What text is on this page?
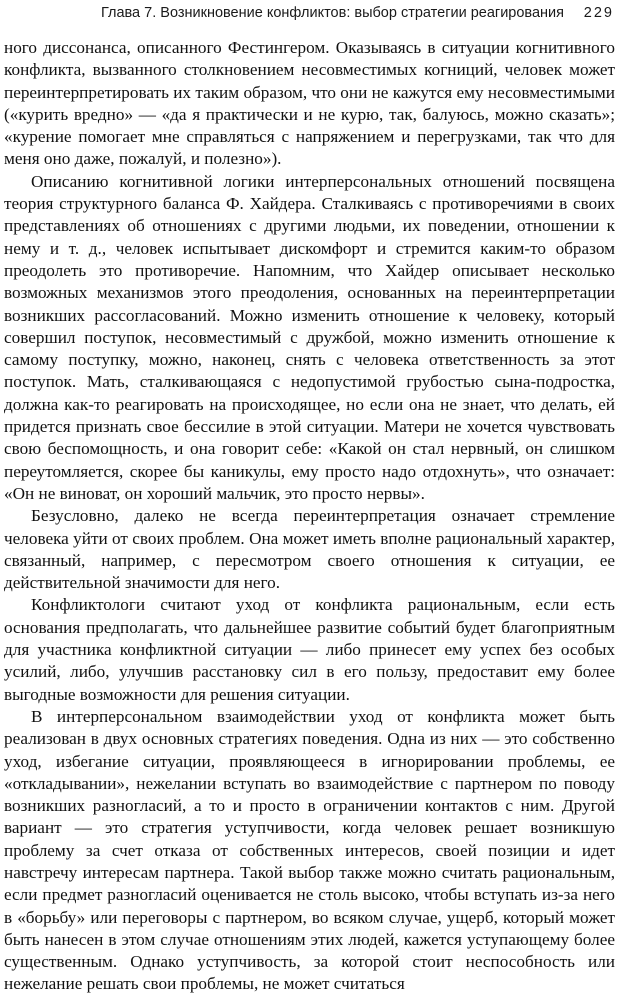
Глава 7. Возникновение конфликтов: выбор стратегии реагирования 229

ного диссонанса, описанного Фестингером. Оказываясь в ситуации когнитивного конфликта, вызванного столкновением несовместимых когниций, человек может переинтерпретировать их таким образом, что они не кажутся ему несовместимыми («курить вредно» — «да я практически и не курю, так, балуюсь, можно сказать»; «курение помогает мне справляться с напряжением и перегрузками, так что для меня оно даже, пожалуй, и полезно»).

Описанию когнитивной логики интерперсональных отношений посвящена теория структурного баланса Ф. Хайдера. Сталкиваясь с противоречиями в своих представлениях об отношениях с другими людьми, их поведении, отношении к нему и т. д., человек испытывает дискомфорт и стремится каким-то образом преодолеть это противоречие. Напомним, что Хайдер описывает несколько возможных механизмов этого преодоления, основанных на переинтерпретации возникших рассогласований. Можно изменить отношение к человеку, который совершил поступок, несовместимый с дружбой, можно изменить отношение к самому поступку, можно, наконец, снять с человека ответственность за этот поступок. Мать, сталкивающаяся с недопустимой грубостью сына-подростка, должна как-то реагировать на происходящее, но если она не знает, что делать, ей придется признать свое бессилие в этой ситуации. Матери не хочется чувствовать свою беспомощность, и она говорит себе: «Какой он стал нервный, он слишком переутомляется, скорее бы каникулы, ему просто надо отдохнуть», что означает: «Он не виноват, он хороший мальчик, это просто нервы».

Безусловно, далеко не всегда переинтерпретация означает стремление человека уйти от своих проблем. Она может иметь вполне рациональный характер, связанный, например, с пересмотром своего отношения к ситуации, ее действительной значимости для него.

Конфликтологи считают уход от конфликта рациональным, если есть основания предполагать, что дальнейшее развитие событий будет благоприятным для участника конфликтной ситуации — либо принесет ему успех без особых усилий, либо, улучшив расстановку сил в его пользу, предоставит ему более выгодные возможности для решения ситуации.

В интерперсональном взаимодействии уход от конфликта может быть реализован в двух основных стратегиях поведения. Одна из них — это собственно уход, избегание ситуации, проявляющееся в игнорировании проблемы, ее «откладывании», нежелании вступать во взаимодействие с партнером по поводу возникших разногласий, а то и просто в ограничении контактов с ним. Другой вариант — это стратегия уступчивости, когда человек решает возникшую проблему за счет отказа от собственных интересов, своей позиции и идет навстречу интересам партнера. Такой выбор также можно считать рациональным, если предмет разногласий оценивается не столь высоко, чтобы вступать из-за него в «борьбу» или переговоры с партнером, во всяком случае, ущерб, который может быть нанесен в этом случае отношениям этих людей, кажется уступающему более существенным. Однако уступчивость, за которой стоит неспособность или нежелание решать свои проблемы, не может считаться
